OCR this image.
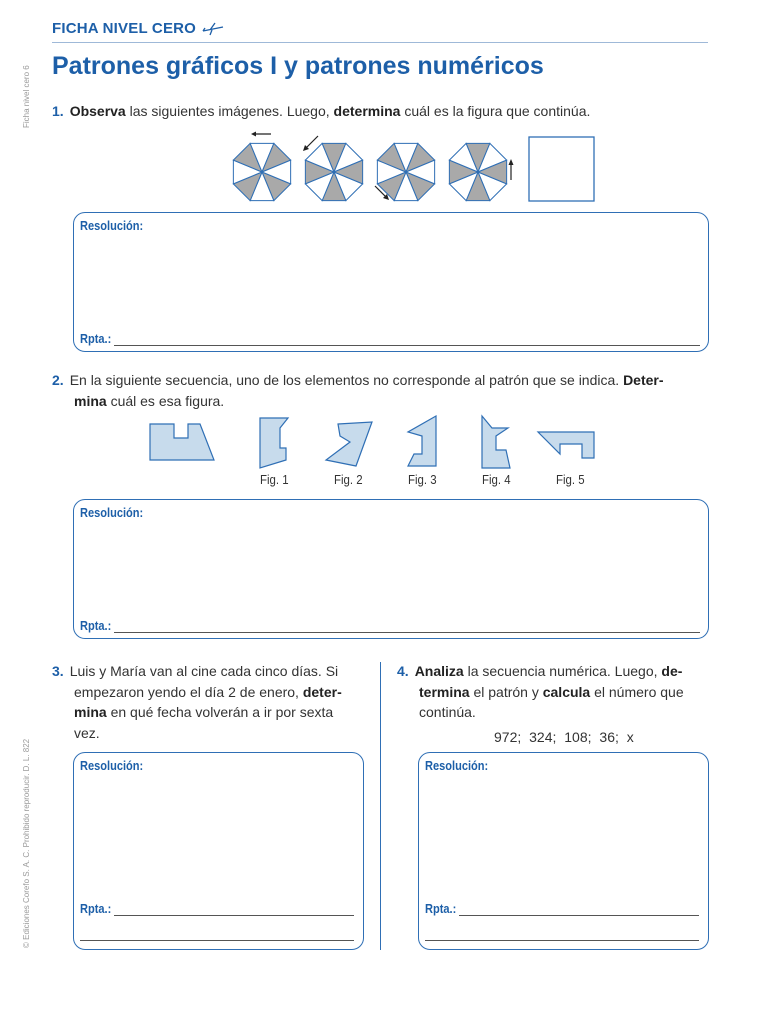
FICHA NIVEL CERO
Patrones gráficos I y patrones numéricos
Ficha nivel cero 6
© Ediciones Corefo S. A. C. Prohibido reproducir. D. L. 822
1. Observa las siguientes imágenes. Luego, determina cuál es la figura que continúa.
Resolución:
Rpta.:
2. En la siguiente secuencia, uno de los elementos no corresponde al patrón que se indica. Deter-
mina cuál es esa figura.
Fig. 1	Fig. 2	Fig. 3	Fig. 4	Fig. 5
Resolución:
Rpta.:
3. Luis y María van al cine cada cinco días. Si
empezaron yendo el día 2 de enero, deter-
mina en qué fecha volverán a ir por sexta
vez.
4. Analiza la secuencia numérica. Luego, de-
termina el patrón y calcula el número que
continúa.
972; 324; 108; 36; x
Resolución:
Rpta.:
Resolución:
Rpta.:
